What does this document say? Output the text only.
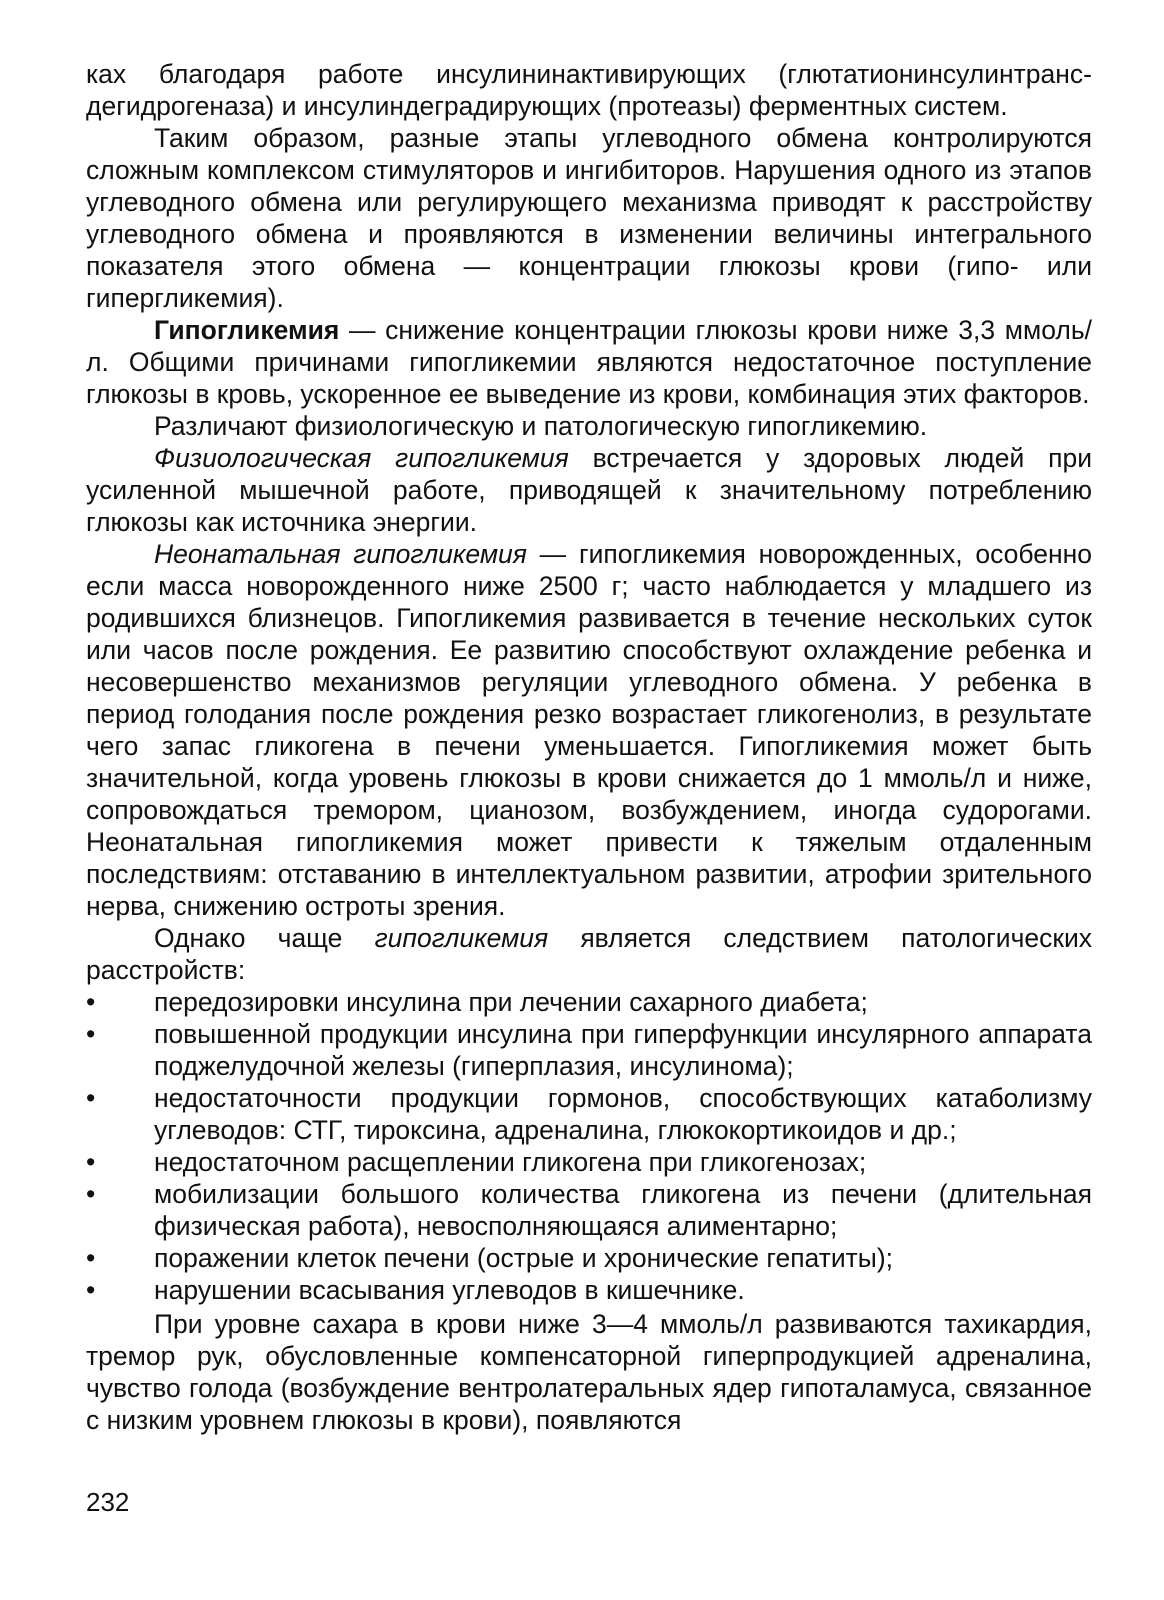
ках благодаря работе инсулининактивирующих (глютатионинсулинтранс-дегидрогеназа) и инсулиндеградирующих (протеазы) ферментных систем.

Таким образом, разные этапы углеводного обмена контролируются сложным комплексом стимуляторов и ингибиторов. Нарушения одного из этапов углеводного обмена или регулирующего механизма приводят к расстройству углеводного обмена и проявляются в изменении величины интегрального показателя этого обмена — концентрации глюкозы крови (гипо- или гипергликемия).

Гипогликемия — снижение концентрации глюкозы крови ниже 3,3 ммоль/л. Общими причинами гипогликемии являются недостаточное поступление глюкозы в кровь, ускоренное ее выведение из крови, комбинация этих факторов.

Различают физиологическую и патологическую гипогликемию.

Физиологическая гипогликемия встречается у здоровых людей при усиленной мышечной работе, приводящей к значительному потреблению глюкозы как источника энергии.

Неонатальная гипогликемия — гипогликемия новорожденных, особенно если масса новорожденного ниже 2500 г; часто наблюдается у младшего из родившихся близнецов. Гипогликемия развивается в течение нескольких суток или часов после рождения. Ее развитию способствуют охлаждение ребенка и несовершенство механизмов регуляции углеводного обмена. У ребенка в период голодания после рождения резко возрастает гликогенолиз, в результате чего запас гликогена в печени уменьшается. Гипогликемия может быть значительной, когда уровень глюкозы в крови снижается до 1 ммоль/л и ниже, сопровождаться тремором, цианозом, возбуждением, иногда судорогами. Неонатальная гипогликемия может привести к тяжелым отдаленным последствиям: отставанию в интеллектуальном развитии, атрофии зрительного нерва, снижению остроты зрения.

Однако чаще гипогликемия является следствием патологических расстройств:

•	передозировки инсулина при лечении сахарного диабета;
•	повышенной продукции инсулина при гиперфункции инсулярного аппарата поджелудочной железы (гиперплазия, инсулинома);
•	недостаточности продукции гормонов, способствующих катаболизму углеводов: СТГ, тироксина, адреналина, глюкокортикоидов и др.;
•	недостаточном расщеплении гликогена при гликогенозах;
•	мобилизации большого количества гликогена из печени (длительная физическая работа), невосполняющаяся алиментарно;
•	поражении клеток печени (острые и хронические гепатиты);
•	нарушении всасывания углеводов в кишечнике.

При уровне сахара в крови ниже 3—4 ммоль/л развиваются тахикардия, тремор рук, обусловленные компенсаторной гиперпродукцией адреналина, чувство голода (возбуждение вентролатеральных ядер гипоталамуса, связанное с низким уровнем глюкозы в крови), появляются

232
